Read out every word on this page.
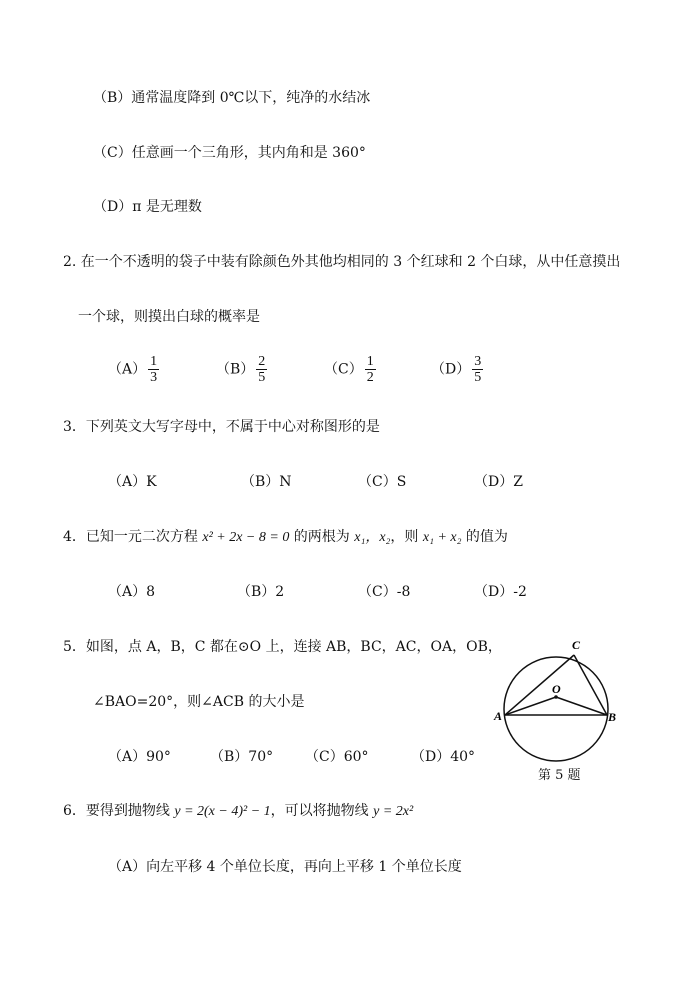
（B）通常温度降到 0℃以下，纯净的水结冰
（C）任意画一个三角形，其内角和是 360°
（D）π 是无理数
2. 在一个不透明的袋子中装有除颜色外其他均相同的 3 个红球和 2 个白球，从中任意摸出
一个球，则摸出白球的概率是
$(A) \frac{1}{3}$	$(B) \frac{2}{5}$	$(C) \frac{1}{2}$	$(D) \frac{3}{5}$
3．下列英文大写字母中，不属于中心对称图形的是
（A）K	（B）N	（C）S	（D）Z
4．已知一元二次方程 x² + 2x − 8 = 0 的两根为 x₁，x₂，则 x₁ + x₂ 的值为
（A）8	（B）2	（C）-8	（D）-2
5．如图，点 A，B，C 都在⊙O 上，连接 AB，BC，AC，OA，OB，
∠BAO=20°，则∠ACB 的大小是
（A）90°	（B）70° （C）60°	（D）40°
A	B
C
O
第 5 题
6．要得到抛物线 y = 2(x − 4)² − 1，可以将抛物线 y = 2x²
（A）向左平移 4 个单位长度，再向上平移 1 个单位长度
